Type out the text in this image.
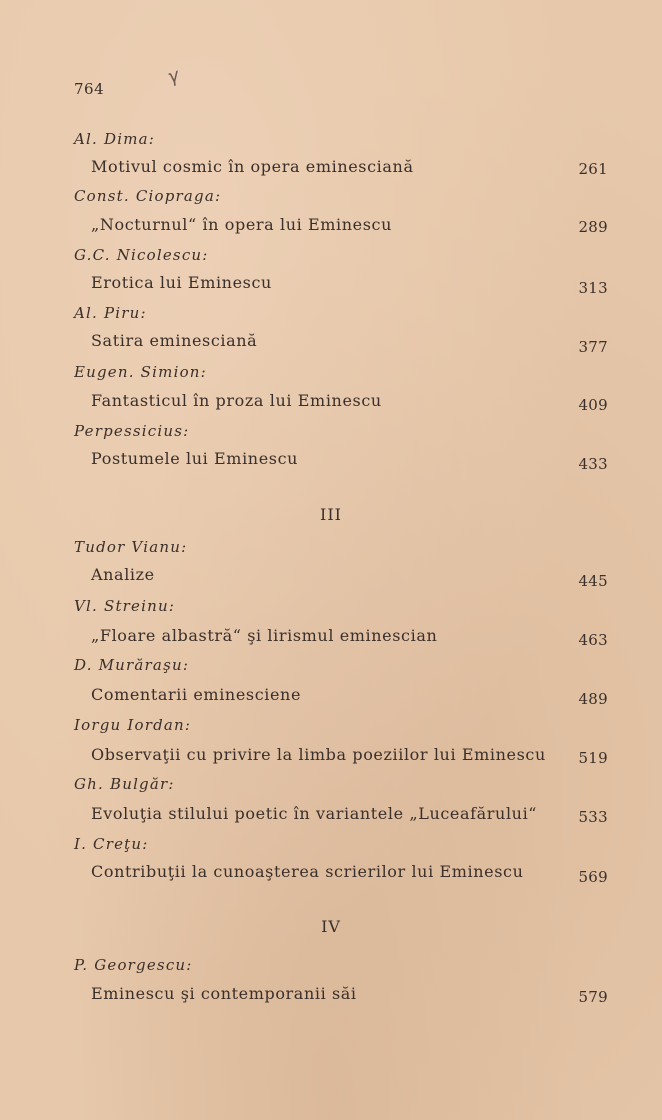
764
γ
Al. Dima:
Motivul cosmic în opera eminesciană	261
Const. Ciopraga:
„Nocturnul“ în opera lui Eminescu	289
G.C. Nicolescu:
Erotica lui Eminescu	313
Al. Piru:
Satira eminesciană	377
Eugen. Simion:
Fantasticul în proza lui Eminescu	409
Perpessicius:
Postumele lui Eminescu	433
III
Tudor Vianu:
Analize	445
Vl. Streinu:
„Floare albastră“ şi lirismul eminescian	463
D. Murăraşu:
Comentarii eminesciene	489
Iorgu Iordan:
Observaţii cu privire la limba poeziilor lui Eminescu 519
Gh. Bulgăr:
Evoluţia stilului poetic în variantele „Luceafărului“	533
I. Creţu:
Contribuţii la cunoaşterea scrierilor lui Eminescu	569
IV
P. Georgescu:
Eminescu şi contemporanii săi	579
